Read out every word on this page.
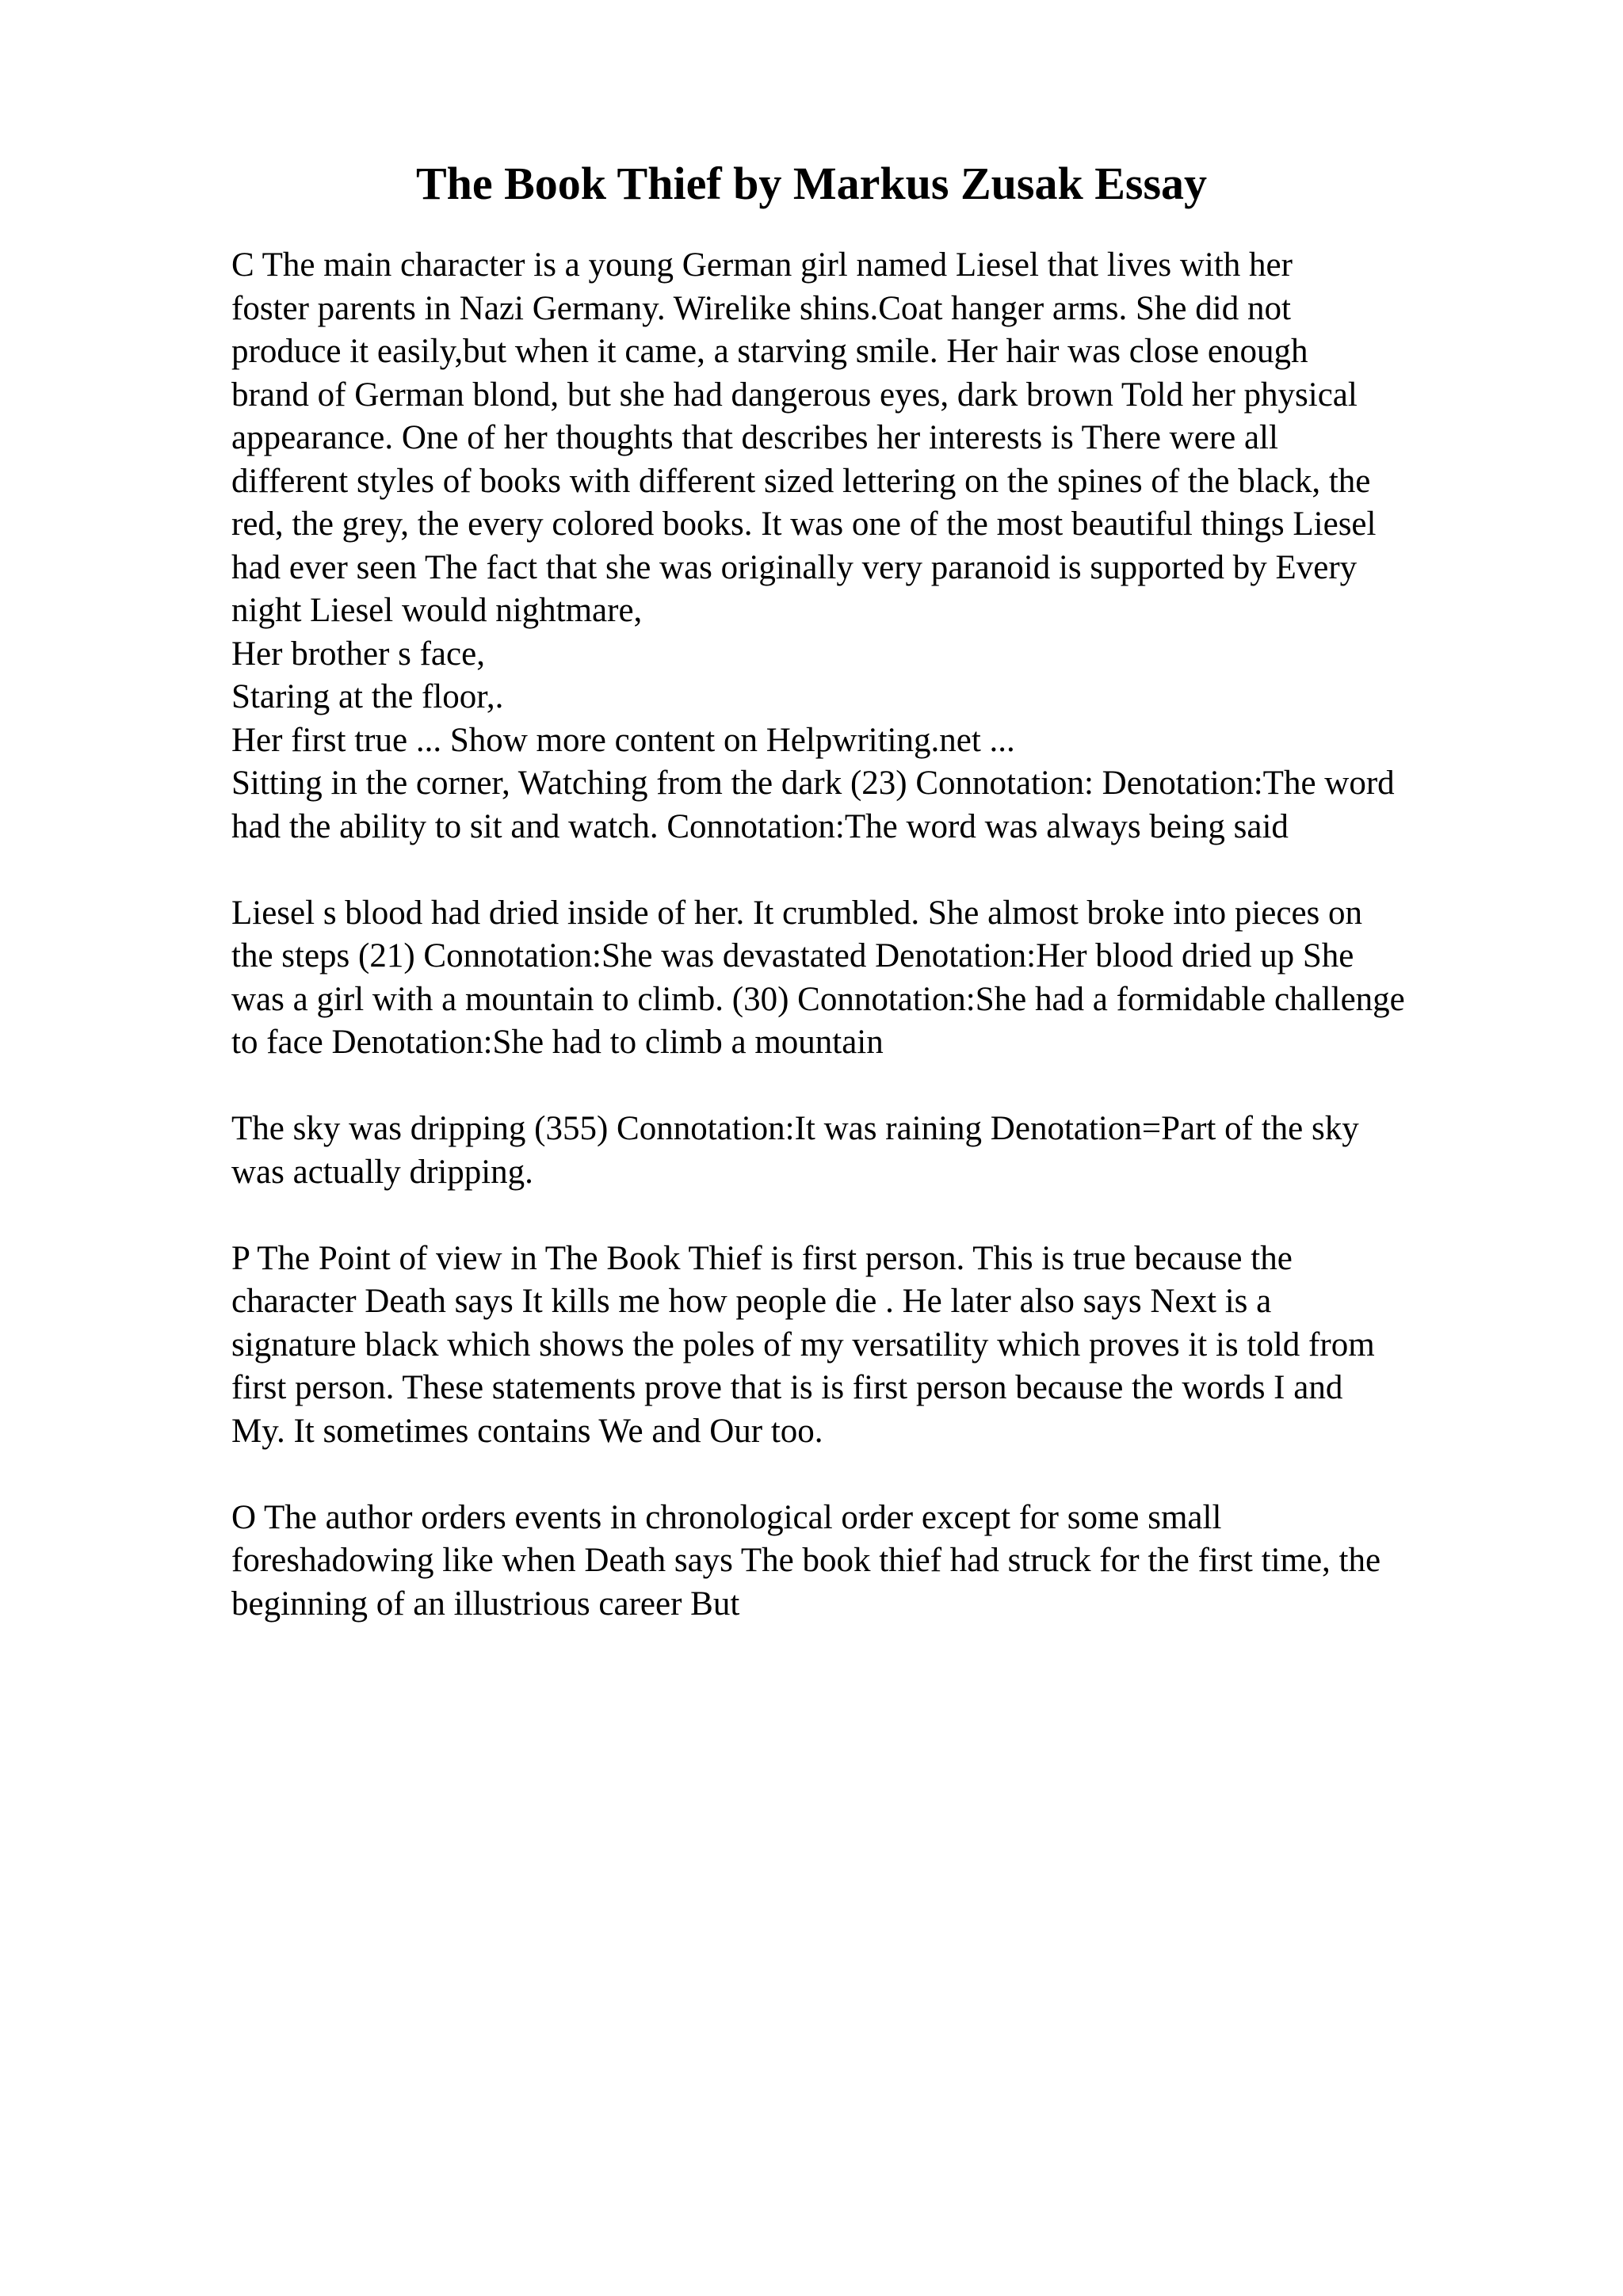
The Book Thief by Markus Zusak Essay
C The main character is a young German girl named Liesel that lives with her
foster parents in Nazi Germany. Wirelike shins.Coat hanger arms. She did not
produce it easily,but when it came, a starving smile. Her hair was close enough
brand of German blond, but she had dangerous eyes, dark brown Told her physical
appearance. One of her thoughts that describes her interests is There were all
different styles of books with different sized lettering on the spines of the black, the
red, the grey, the every colored books. It was one of the most beautiful things Liesel
had ever seen The fact that she was originally very paranoid is supported by Every
night Liesel would nightmare,
Her brother s face,
Staring at the floor,.
Her first true ... Show more content on Helpwriting.net ...
Sitting in the corner, Watching from the dark (23) Connotation: Denotation:The word
had the ability to sit and watch. Connotation:The word was always being said
Liesel s blood had dried inside of her. It crumbled. She almost broke into pieces on
the steps (21) Connotation:She was devastated Denotation:Her blood dried up She
was a girl with a mountain to climb. (30) Connotation:She had a formidable challenge
to face Denotation:She had to climb a mountain
The sky was dripping (355) Connotation:It was raining Denotation=Part of the sky
was actually dripping.
P The Point of view in The Book Thief is first person. This is true because the
character Death says It kills me how people die . He later also says Next is a
signature black which shows the poles of my versatility which proves it is told from
first person. These statements prove that is is first person because the words I and
My. It sometimes contains We and Our too.
O The author orders events in chronological order except for some small
foreshadowing like when Death says The book thief had struck for the first time, the
beginning of an illustrious career But
